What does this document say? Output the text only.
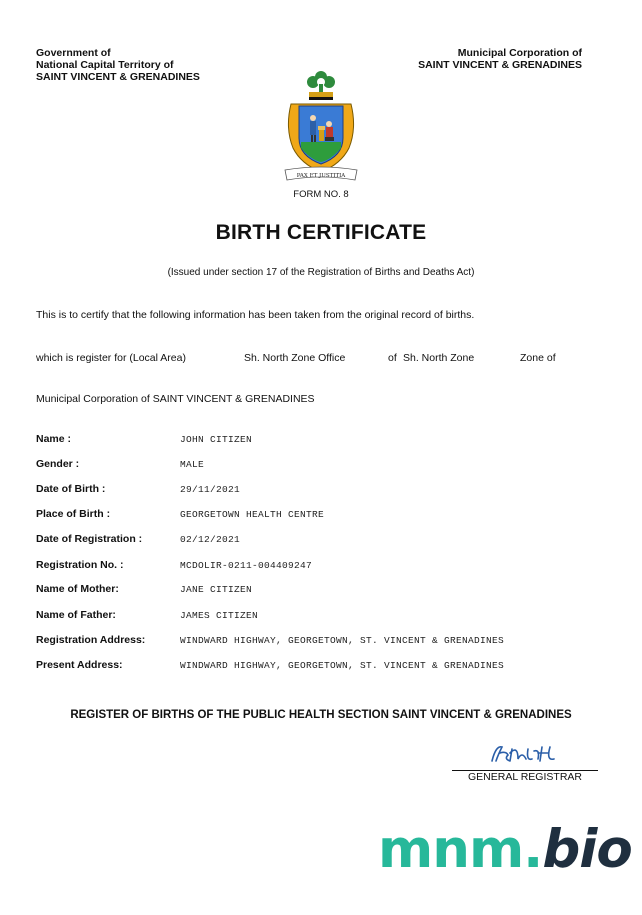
Government of
National Capital Territory of
SAINT VINCENT & GRENADINES
Municipal Corporation of
SAINT VINCENT & GRENADINES
PAX ET JUSTITIA
FORM NO. 8
BIRTH CERTIFICATE
(Issued under section 17 of the Registration of Births and Deaths Act)
This is to certify that the following information has been taken from the original record of births.
which is register for (Local Area)	Sh. North Zone Office	of Sh. North Zone	Zone of
Municipal Corporation of SAINT VINCENT & GRENADINES
Name :	JOHN CITIZEN
Gender :	MALE
Date of Birth :	29/11/2021
Place of Birth :	GEORGETOWN HEALTH CENTRE
Date of Registration :	02/12/2021
Registration No. :	MCDOLIR-0211-004409247
Name of Mother:	JANE CITIZEN
Name of Father:	JAMES CITIZEN
Registration Address:	WINDWARD HIGHWAY, GEORGETOWN, ST. VINCENT & GRENADINES
Present Address:	WINDWARD HIGHWAY, GEORGETOWN, ST. VINCENT & GRENADINES
REGISTER OF BIRTHS OF THE PUBLIC HEALTH SECTION SAINT VINCENT & GRENADINES
GENERAL REGISTRAR
mnm.bio
